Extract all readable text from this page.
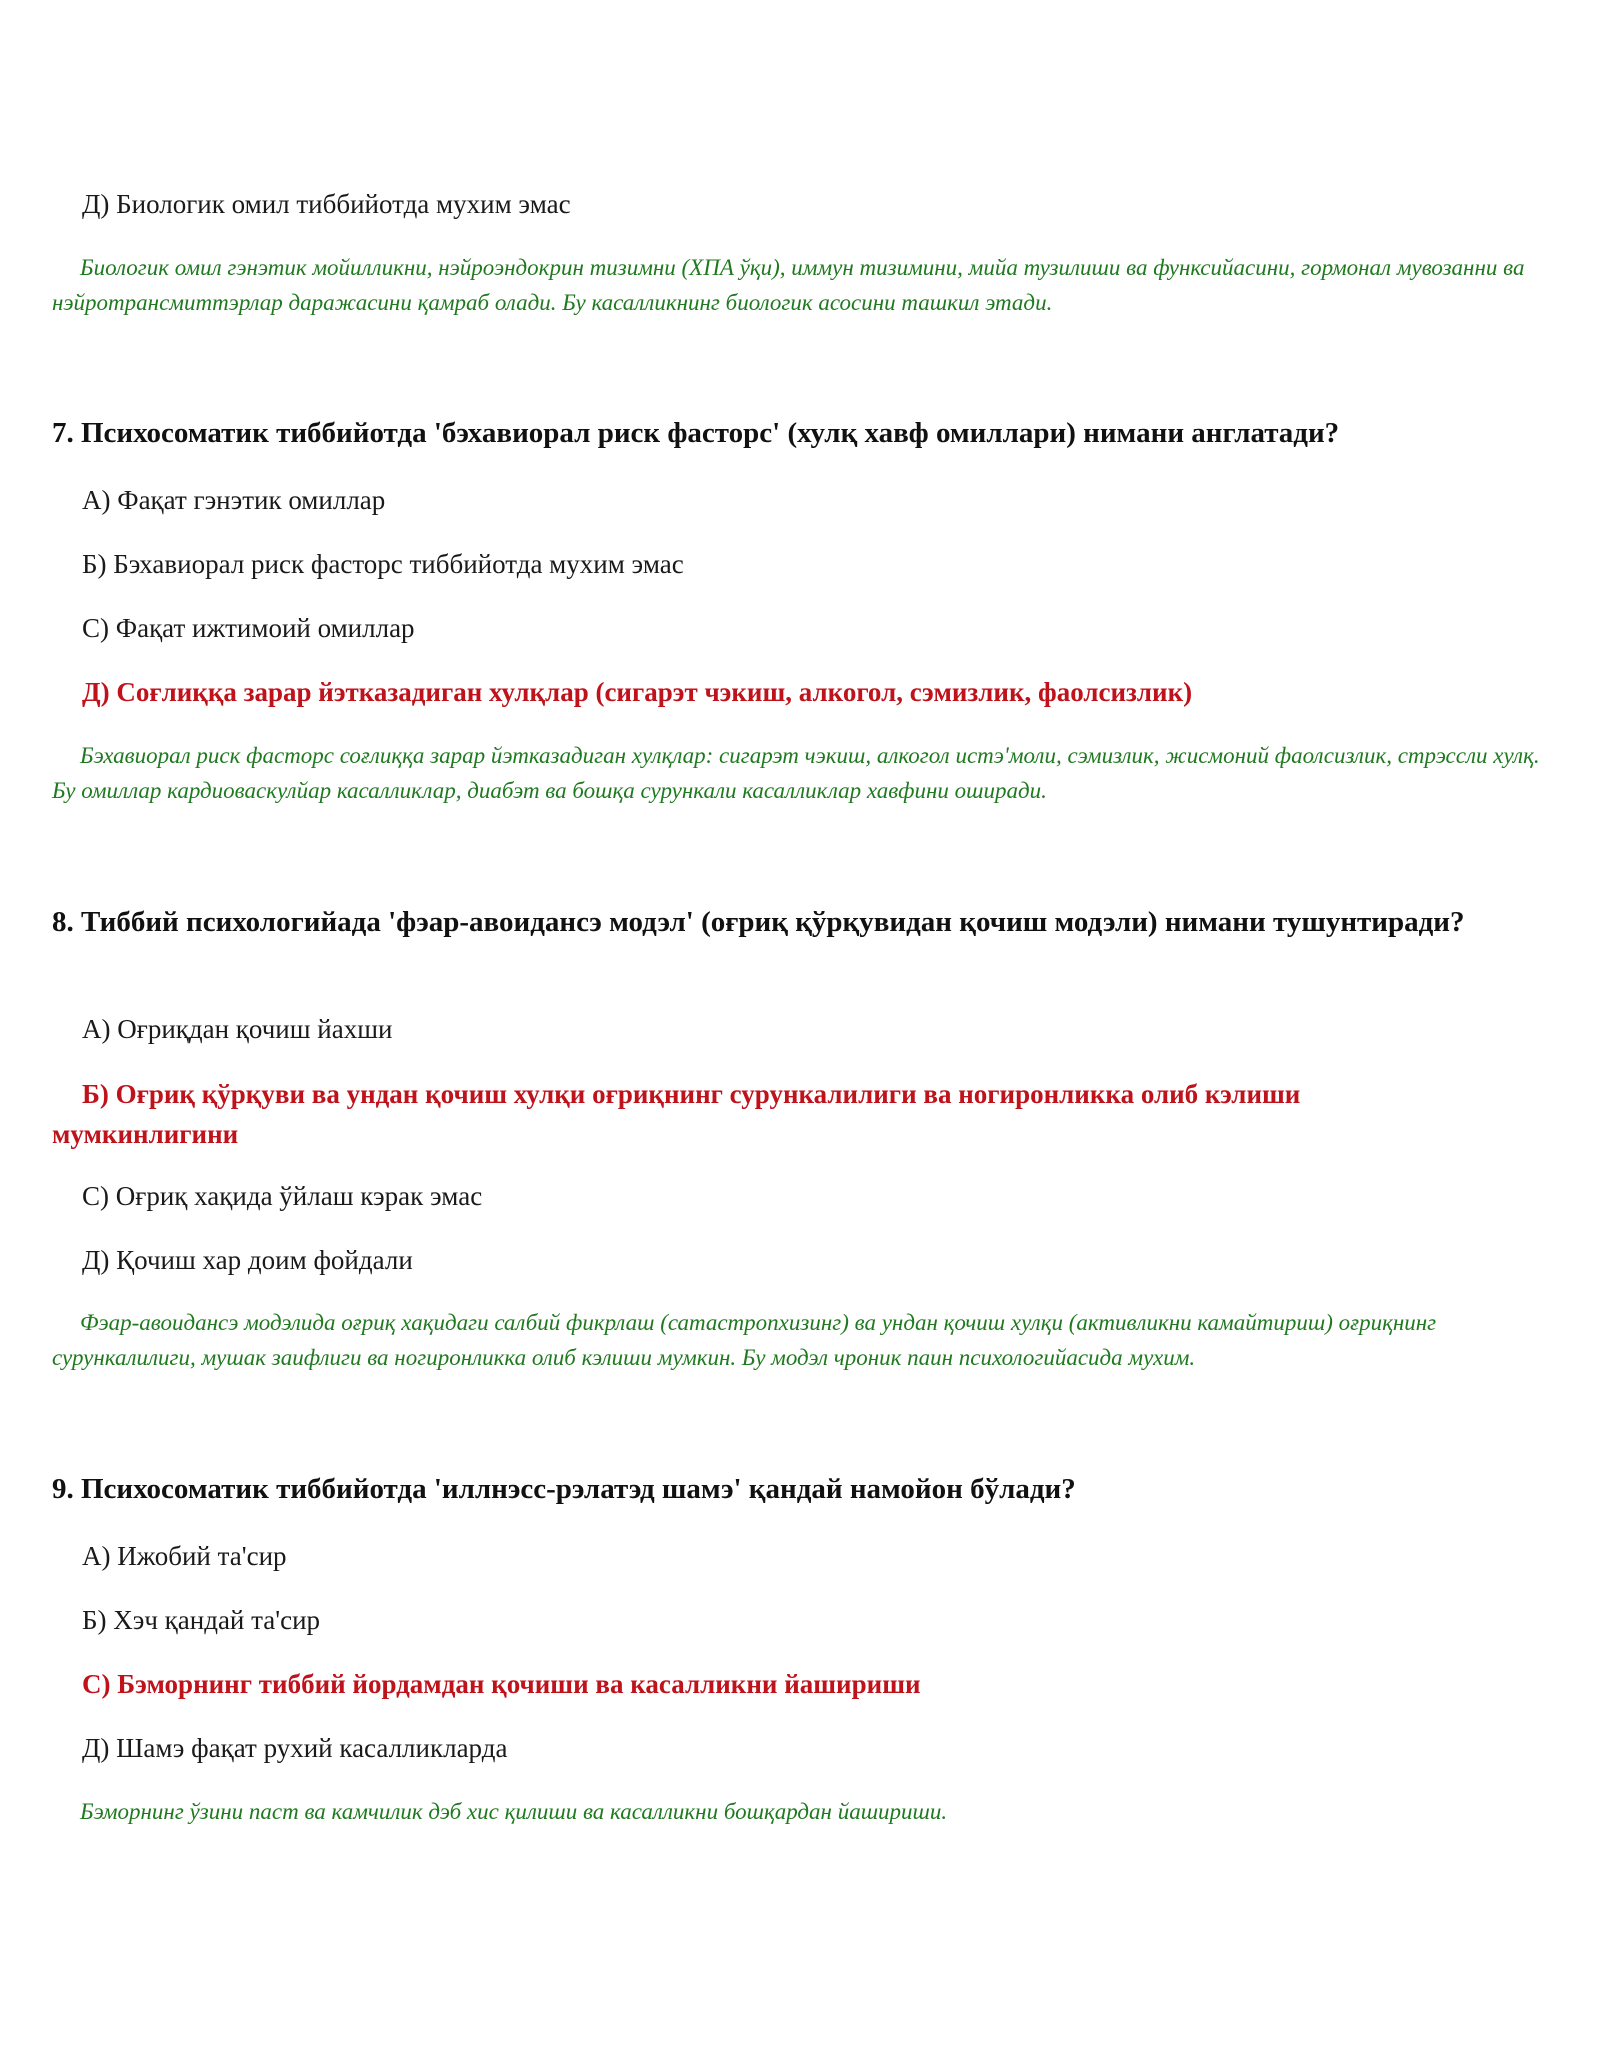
Д) Биологик омил тиббийотда мухим эмас
Биологик омил гэнэтик мойилликни, нэйроэндокрин тизимни (ХПА ўқи), иммун тизимини, мийа тузилиши ва функсийасини, гормонал мувозанни ва нэйротрансмиттэрлар даражасини қамраб олади. Бу касалликнинг биологик асосини ташкил этади.
7. Психосоматик тиббийотда 'бэхавиорал риск фасторс' (хулқ хавф омиллари) нимани англатади?
А) Фақат гэнэтик омиллар
Б) Бэхавиорал риск фасторс тиббийотда мухим эмас
С) Фақат ижтимоий омиллар
Д) Соғлиққа зарар йэтказадиган хулқлар (сигарэт чэкиш, алкогол, сэмизлик, фаолсизлик)
Бэхавиорал риск фасторс соғлиққа зарар йэтказадиган хулқлар: сигарэт чэкиш, алкогол истэ'моли, сэмизлик, жисмоний фаолсизлик, стрэссли хулқ. Бу омиллар кардиоваскулйар касалликлар, диабэт ва бошқа сурункали касалликлар хавфини оширади.
8. Тиббий психологийада 'фэар-авоидансэ модэл' (оғриқ қўрқувидан қочиш модэли) нимани тушунтиради?
А) Оғриқдан қочиш йахши
Б) Оғриқ қўрқуви ва ундан қочиш хулқи оғриқнинг сурункалилиги ва ногиронликка олиб кэлиши мумкинлигини
С) Оғриқ хақида ўйлаш кэрак эмас
Д) Қочиш хар доим фойдали
Фэар-авоидансэ модэлида оғриқ хақидаги салбий фикрлаш (сатастропхизинг) ва ундан қочиш хулқи (активликни камайтириш) оғриқнинг сурункалилиги, мушак заифлиги ва ногиронликка олиб кэлиши мумкин. Бу модэл чроник паин психологийасида мухим.
9. Психосоматик тиббийотда 'иллнэсс-рэлатэд шамэ' қандай намойон бўлади?
А) Ижобий та'сир
Б) Хэч қандай та'сир
С) Бэморнинг тиббий йордамдан қочиши ва касалликни йашириши
Д) Шамэ фақат рухий касалликларда
Бэморнинг ўзини паст ва камчилик дэб хис қилиши ва касалликни бошқардан йашириши.
